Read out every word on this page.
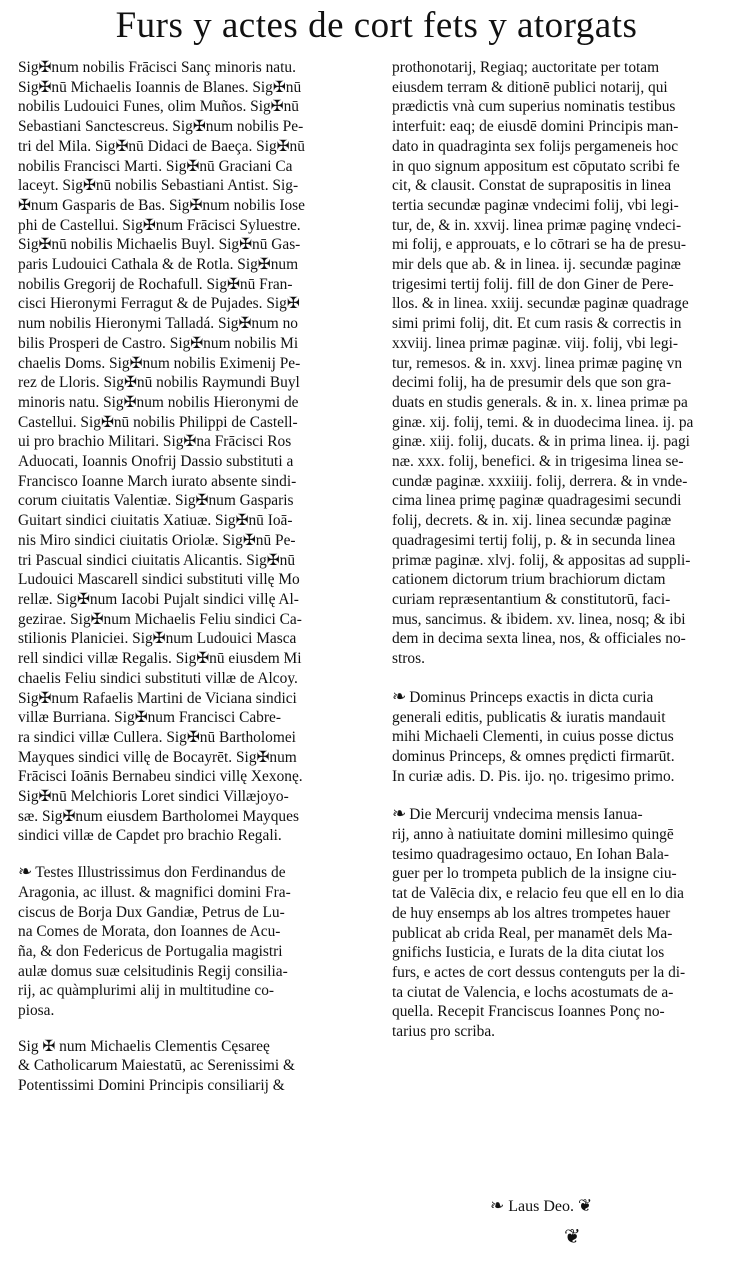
Furs y actes de cort fets y atorgats

Sig✠num nobilis Frācisci Sanç minoris natu.
Sig✠nū Michaelis Ioannis de Blanes. Sig✠nū
nobilis Ludouici Funes, olim Muños. Sig✠nū
Sebastiani Sanctescreus. Sig✠num nobilis Pe-
tri del Mila. Sig✠nū Didaci de Baeça. Sig✠nū
nobilis Francisci Marti. Sig✠nū Graciani Ca
laceyt. Sig✠nū nobilis Sebastiani Antist. Sig-
✠num Gasparis de Bas. Sig✠num nobilis Iose
phi de Castellui. Sig✠num Frācisci Syluestre.
Sig✠nū nobilis Michaelis Buyl. Sig✠nū Gas-
paris Ludouici Cathala & de Rotla. Sig✠num
nobilis Gregorij de Rochafull. Sig✠nū Fran-
cisci Hieronymi Ferragut & de Pujades. Sig✠
num nobilis Hieronymi Talladá. Sig✠num no
bilis Prosperi de Castro. Sig✠num nobilis Mi
chaelis Doms. Sig✠num nobilis Eximenij Pe-
rez de Lloris. Sig✠nū nobilis Raymundi Buyl
minoris natu. Sig✠num nobilis Hieronymi de
Castellui. Sig✠nū nobilis Philippi de Castell-
ui pro brachio Militari. Sig✠na Frācisci Ros
Aduocati, Ioannis Onofrij Dassio substituti a
Francisco Ioanne March iurato absente sindi-
corum ciuitatis Valentiæ. Sig✠num Gasparis
Guitart sindici ciuitatis Xatiuæ. Sig✠nū Ioā-
nis Miro sindici ciuitatis Oriolæ. Sig✠nū Pe-
tri Pascual sindici ciuitatis Alicantis. Sig✠nū
Ludouici Mascarell sindici substituti villę Mo
rellæ. Sig✠num Iacobi Pujalt sindici villę Al-
gezirae. Sig✠num Michaelis Feliu sindici Ca-
stilionis Planiciei. Sig✠num Ludouici Masca
rell sindici villæ Regalis. Sig✠nū eiusdem Mi
chaelis Feliu sindici substituti villæ de Alcoy.
Sig✠num Rafaelis Martini de Viciana sindici
villæ Burriana. Sig✠num Francisci Cabre-
ra sindici villæ Cullera. Sig✠nū Bartholomei
Mayques sindici villę de Bocayrēt. Sig✠num
Frācisci Ioānis Bernabeu sindici villę Xexonę.
Sig✠nū Melchioris Loret sindici Villæjoyo-
sæ. Sig✠num eiusdem Bartholomei Mayques
sindici villæ de Capdet pro brachio Regali.

❧ Testes Illustrissimus don Ferdinandus de
Aragonia, ac illust. & magnifici domini Fra-
ciscus de Borja Dux Gandiæ, Petrus de Lu-
na Comes de Morata, don Ioannes de Acu-
ña, & don Federicus de Portugalia magistri
aulæ domus suæ celsitudinis Regij consilia-
rij, ac quàmplurimi alij in multitudine co-
piosa.

Sig ✠ num Michaelis Clementis Cęsareę
& Catholicarum Maiestatū, ac Serenissimi &
Potentissimi Domini Principis consiliarij &

prothonotarij, Regiaq; auctoritate per totam
eiusdem terram & ditionē publici notarij, qui
prædictis vnà cum superius nominatis testibus
interfuit: eaq; de eiusdē domini Principis man-
dato in quadraginta sex folijs pergameneis hoc
in quo signum appositum est cōputato scribi fe
cit, & clausit. Constat de suprapositis in linea
tertia secundæ paginæ vndecimi folij, vbi legi-
tur, de, & in. xxvij. linea primæ paginę vndeci-
mi folij, e approuats, e lo cōtrari se ha de presu-
mir dels que ab. & in linea. ij. secundæ paginæ
trigesimi tertij folij. fill de don Giner de Pere-
llos. & in linea. xxiij. secundæ paginæ quadrage
simi primi folij, dit. Et cum rasis & correctis in
xxviij. linea primæ paginæ. viij. folij, vbi legi-
tur, remesos. & in. xxvj. linea primæ paginę vn
decimi folij, ha de presumir dels que son gra-
duats en studis generals. & in. x. linea primæ pa
ginæ. xij. folij, temi. & in duodecima linea. ij. pa
ginæ. xiij. folij, ducats. & in prima linea. ij. pagi
næ. xxx. folij, benefici. & in trigesima linea se-
cundæ paginæ. xxxiiij. folij, derrera. & in vnde-
cima linea primę paginæ quadragesimi secundi
folij, decrets. & in. xij. linea secundæ paginæ
quadragesimi tertij folij, p. & in secunda linea
primæ paginæ. xlvj. folij, & appositas ad suppli-
cationem dictorum trium brachiorum dictam
curiam repræsentantium & constitutorū, faci-
mus, sancimus. & ibidem. xv. linea, nosq; & ibi
dem in decima sexta linea, nos, & officiales no-
stros.

❧ Dominus Princeps exactis in dicta curia
generali editis, publicatis & iuratis mandauit
mihi Michaeli Clementi, in cuius posse dictus
dominus Princeps, & omnes prędicti firmarūt.
In curiæ adis. D. Pis. ijo. ηo. trigesimo primo.

❧ Die Mercurij vndecima mensis Ianua-
rij, anno à natiuitate domini millesimo quingē
tesimo quadragesimo octauo, En Iohan Bala-
guer per lo trompeta publich de la insigne ciu-
tat de Valēcia dix, e relacio feu que ell en lo dia
de huy ensemps ab los altres trompetes hauer
publicat ab crida Real, per manamēt dels Ma-
gnifichs Iusticia, e Iurats de la dita ciutat los
furs, e actes de cort dessus contenguts per la di-
ta ciutat de Valencia, e lochs acostumats de a-
quella. Recepit Franciscus Ioannes Ponç no-
tarius pro scriba.

❧ Laus Deo. ❦
❦
